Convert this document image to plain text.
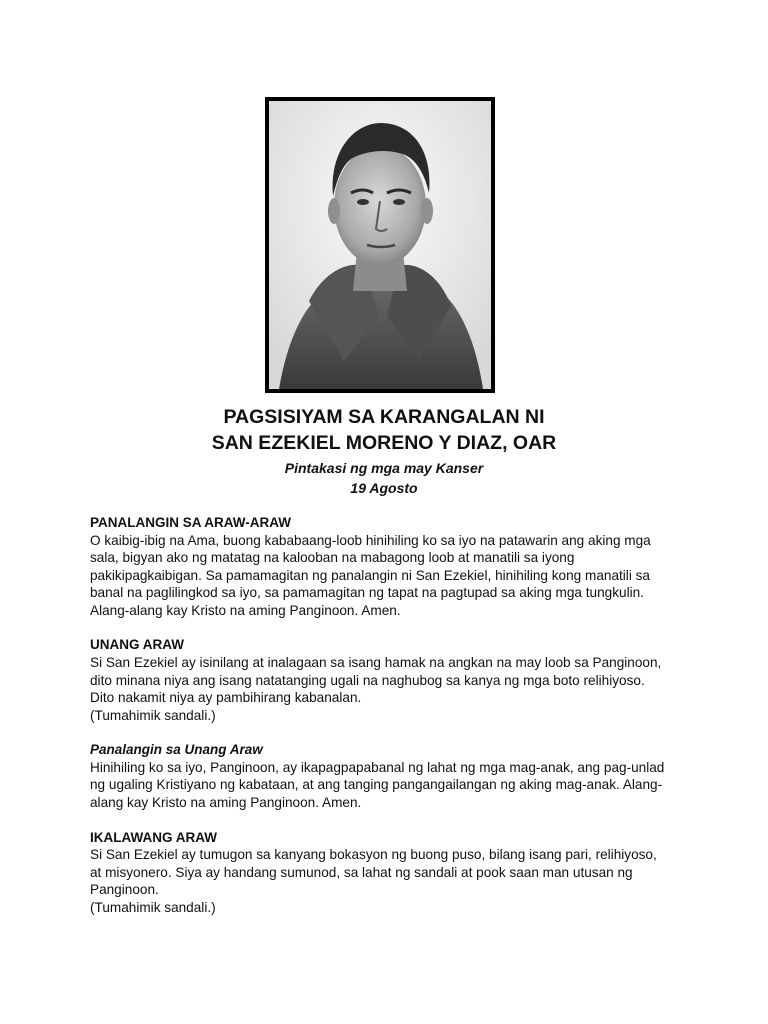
PAGSISIYAM SA KARANGALAN NI
SAN EZEKIEL MORENO Y DIAZ, OAR
Pintakasi ng mga may Kanser
19 Agosto
PANALANGIN SA ARAW-ARAW
O kaibig-ibig na Ama, buong kababaang-loob hinihiling ko sa iyo na patawarin ang aking mga
sala, bigyan ako ng matatag na kalooban na mabagong loob at manatili sa iyong
pakikipagkaibigan. Sa pamamagitan ng panalangin ni San Ezekiel, hinihiling kong manatili sa
banal na paglilingkod sa iyo, sa pamamagitan ng tapat na pagtupad sa aking mga tungkulin.
Alang-alang kay Kristo na aming Panginoon. Amen.
UNANG ARAW
Si San Ezekiel ay isinilang at inalagaan sa isang hamak na angkan na may loob sa Panginoon,
dito minana niya ang isang natatanging ugali na naghubog sa kanya ng mga boto relihiyoso.
Dito nakamit niya ay pambihirang kabanalan.
(Tumahimik sandali.)
Panalangin sa Unang Araw
Hinihiling ko sa iyo, Panginoon, ay ikapagpapabanal ng lahat ng mga mag-anak, ang pag-unlad
ng ugaling Kristiyano ng kabataan, at ang tanging pangangailangan ng aking mag-anak. Alang-
alang kay Kristo na aming Panginoon. Amen.
IKALAWANG ARAW
Si San Ezekiel ay tumugon sa kanyang bokasyon ng buong puso, bilang isang pari, relihiyoso,
at misyonero. Siya ay handang sumunod, sa lahat ng sandali at pook saan man utusan ng
Panginoon.
(Tumahimik sandali.)
